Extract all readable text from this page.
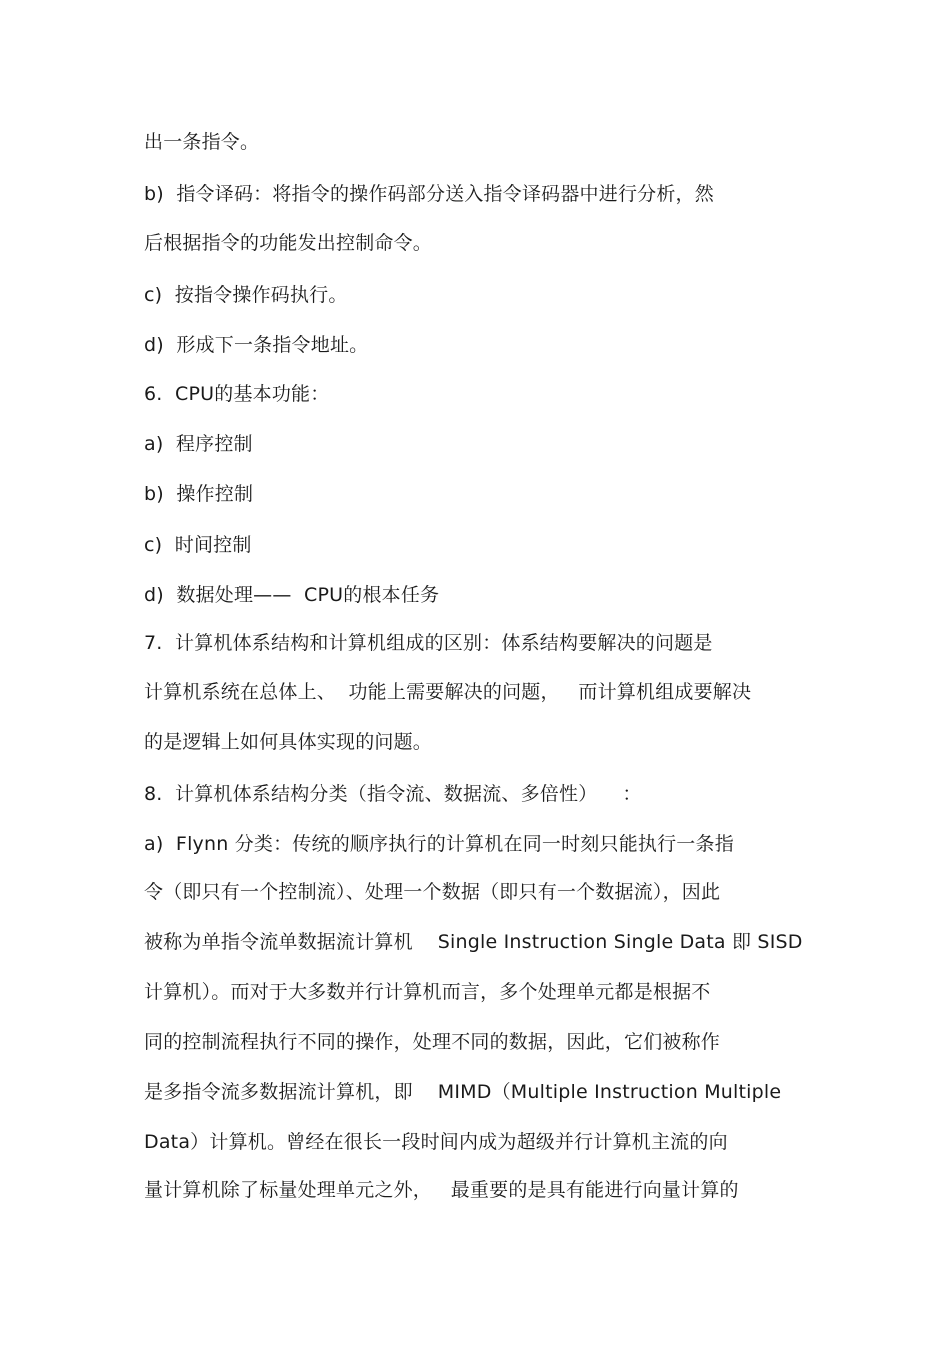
出一条指令。
b)  指令译码：将指令的操作码部分送入指令译码器中进行分析，然
后根据指令的功能发出控制命令。
c)  按指令操作码执行。
d)  形成下一条指令地址。
6.  CPU的基本功能：
a)  程序控制
b)  操作控制
c)  时间控制
d)  数据处理——  CPU的根本任务
7.  计算机体系结构和计算机组成的区别：体系结构要解决的问题是
计算机系统在总体上、  功能上需要解决的问题，   而计算机组成要解决
的是逻辑上如何具体实现的问题。
8.  计算机体系结构分类（指令流、数据流、多倍性）    ：
a)  Flynn 分类：传统的顺序执行的计算机在同一时刻只能执行一条指
令（即只有一个控制流）、处理一个数据（即只有一个数据流），因此
被称为单指令流单数据流计算机    Single Instruction Single Data 即 SISD
计算机）。而对于大多数并行计算机而言，多个处理单元都是根据不
同的控制流程执行不同的操作，处理不同的数据，因此，它们被称作
是多指令流多数据流计算机，即    MIMD（Multiple Instruction Multiple
Data）计算机。曾经在很长一段时间内成为超级并行计算机主流的向
量计算机除了标量处理单元之外，   最重要的是具有能进行向量计算的
